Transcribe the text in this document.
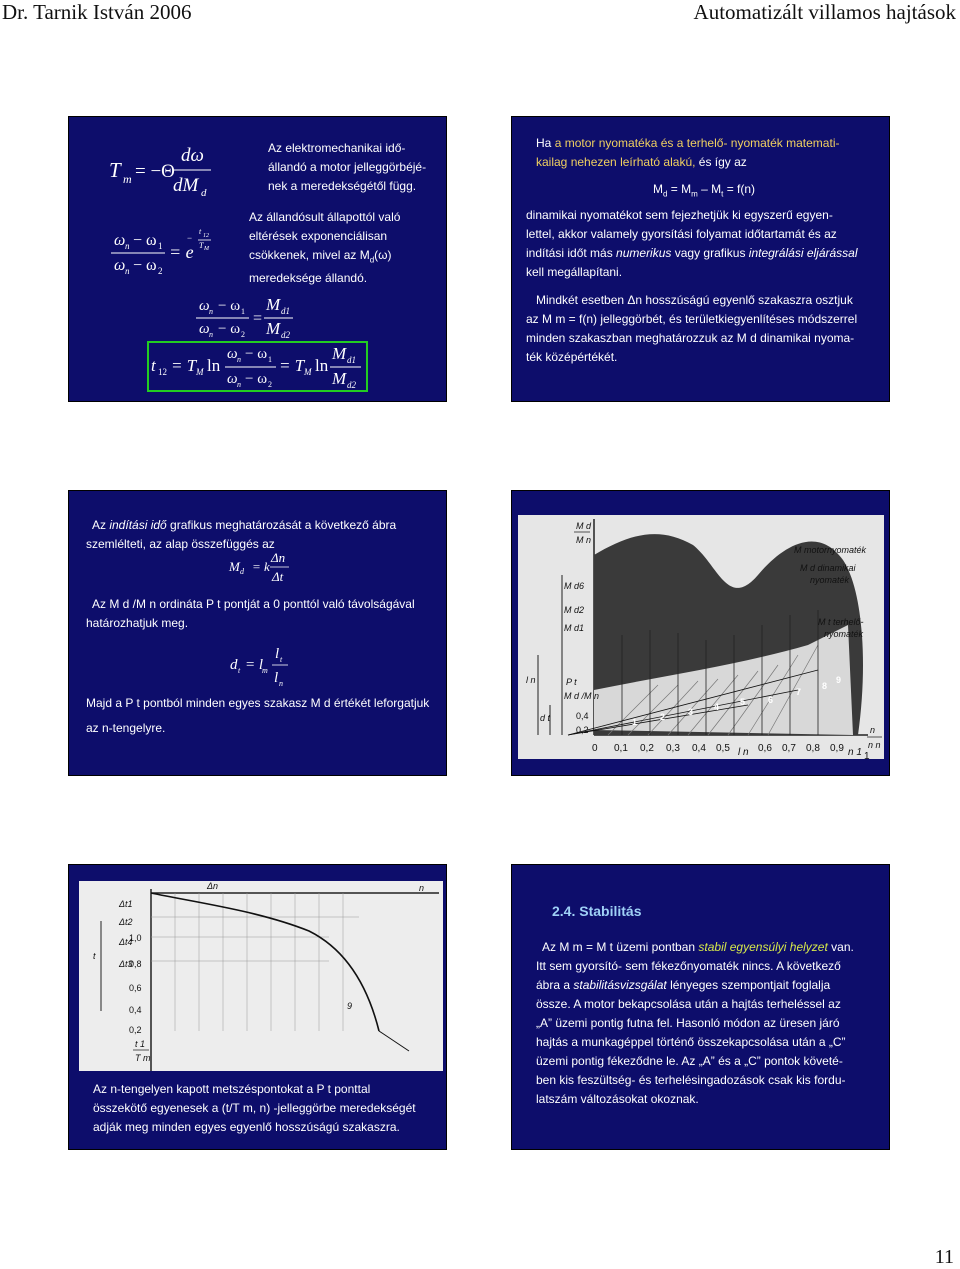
Dr. Tarnik István 2006	Automatizált villamos hajtások
T m = −Θ
dω
dM d
ω n − ω 1
ω n − ω 2
= e
t 12
T M
−
ω n − ω 1
ω n − ω 2
=
M d1
M d2
t 12 = T M ln
ω n − ω 1
ω n − ω 2
= T M ln
M d1
M d2
Az elektromechanikai idő-
állandó a motor jelleggörbéjé-
nek a meredekségétől függ.
Az állandósult állapottól való
eltérések exponenciálisan
csökkenek, mivel az $M_d(\omega)$
meredeksége állandó.
Ha a motor nyomatéka és a terhelő- nyomaték matemati-
kailag nehezen leírható alakú, és így az
$M_d = M_m - M_t = f(n)$
dinamikai nyomatékot sem fejezhetjük ki egyszerű egyen-
lettel, akkor valamely gyorsítási folyamat időtartamát és az
indítási időt más numerikus vagy grafikus integrálási eljárással
kell megállapítani.
Mindkét esetben Δn hosszúságú egyenlő szakaszra osztjuk
az M m = f(n) jelleggörbét, és területkiegyenlítéses módszerrel
minden szakaszban meghatározzuk az M d dinamikai nyoma-
ték középértékét.
Az indítási idő grafikus meghatározását a következő ábra
szemlélteti, az alap összefüggés az
M d = k
Δn
Δt
d t = l
m
l t
l n
Az M d /M n ordináta P t pontját a 0 ponttól való távolságával
határozhatjuk meg.
Majd a P t pontból minden egyes szakasz M d értékét leforgatjuk
az n-tengelyre.
M d
M n
M d6
M d2
M d1
l n
d t
P t
M d /M n
0,4
0,2
M motornyomaték
M d dinamikai
nyomaték
M t terhelő-
nyomaték
n
n n
1	2	3 4 5	6
7
8
9
0 0,1 0,2 0,3 0,4 0,5 l n 0,6 0,7 0,8 0,9 n 1 1
Δn	n
t
Δt1
Δt2
Δt3
Δt4
t 1
T m
9
1,0
0,8
0,6
0,4
0,2
Az n-tengelyen kapott metszéspontokat a P t ponttal
összekötő egyenesek a (t/T m, n) -jelleggörbe meredekségét
adják meg minden egyes egyenlő hosszúságú szakaszra.
2.4. Stabilitás
Az M m = M t üzemi pontban stabil egyensúlyi helyzet van.
Itt sem gyorsító- sem fékezőnyomaték nincs. A következő
ábra a stabilitásvizsgálat lényeges szempontjait foglalja
össze. A motor bekapcsolása után a hajtás terheléssel az
„A” üzemi pontig futna fel. Hasonló módon az üresen járó
hajtás a munkagéppel történő összekapcsolása után a „C”
üzemi pontig fékeződne le. Az „A” és a „C” pontok követé-
ben kis feszültség- és terhelésingadozások csak kis fordu-
latszám változásokat okoznak.
11
